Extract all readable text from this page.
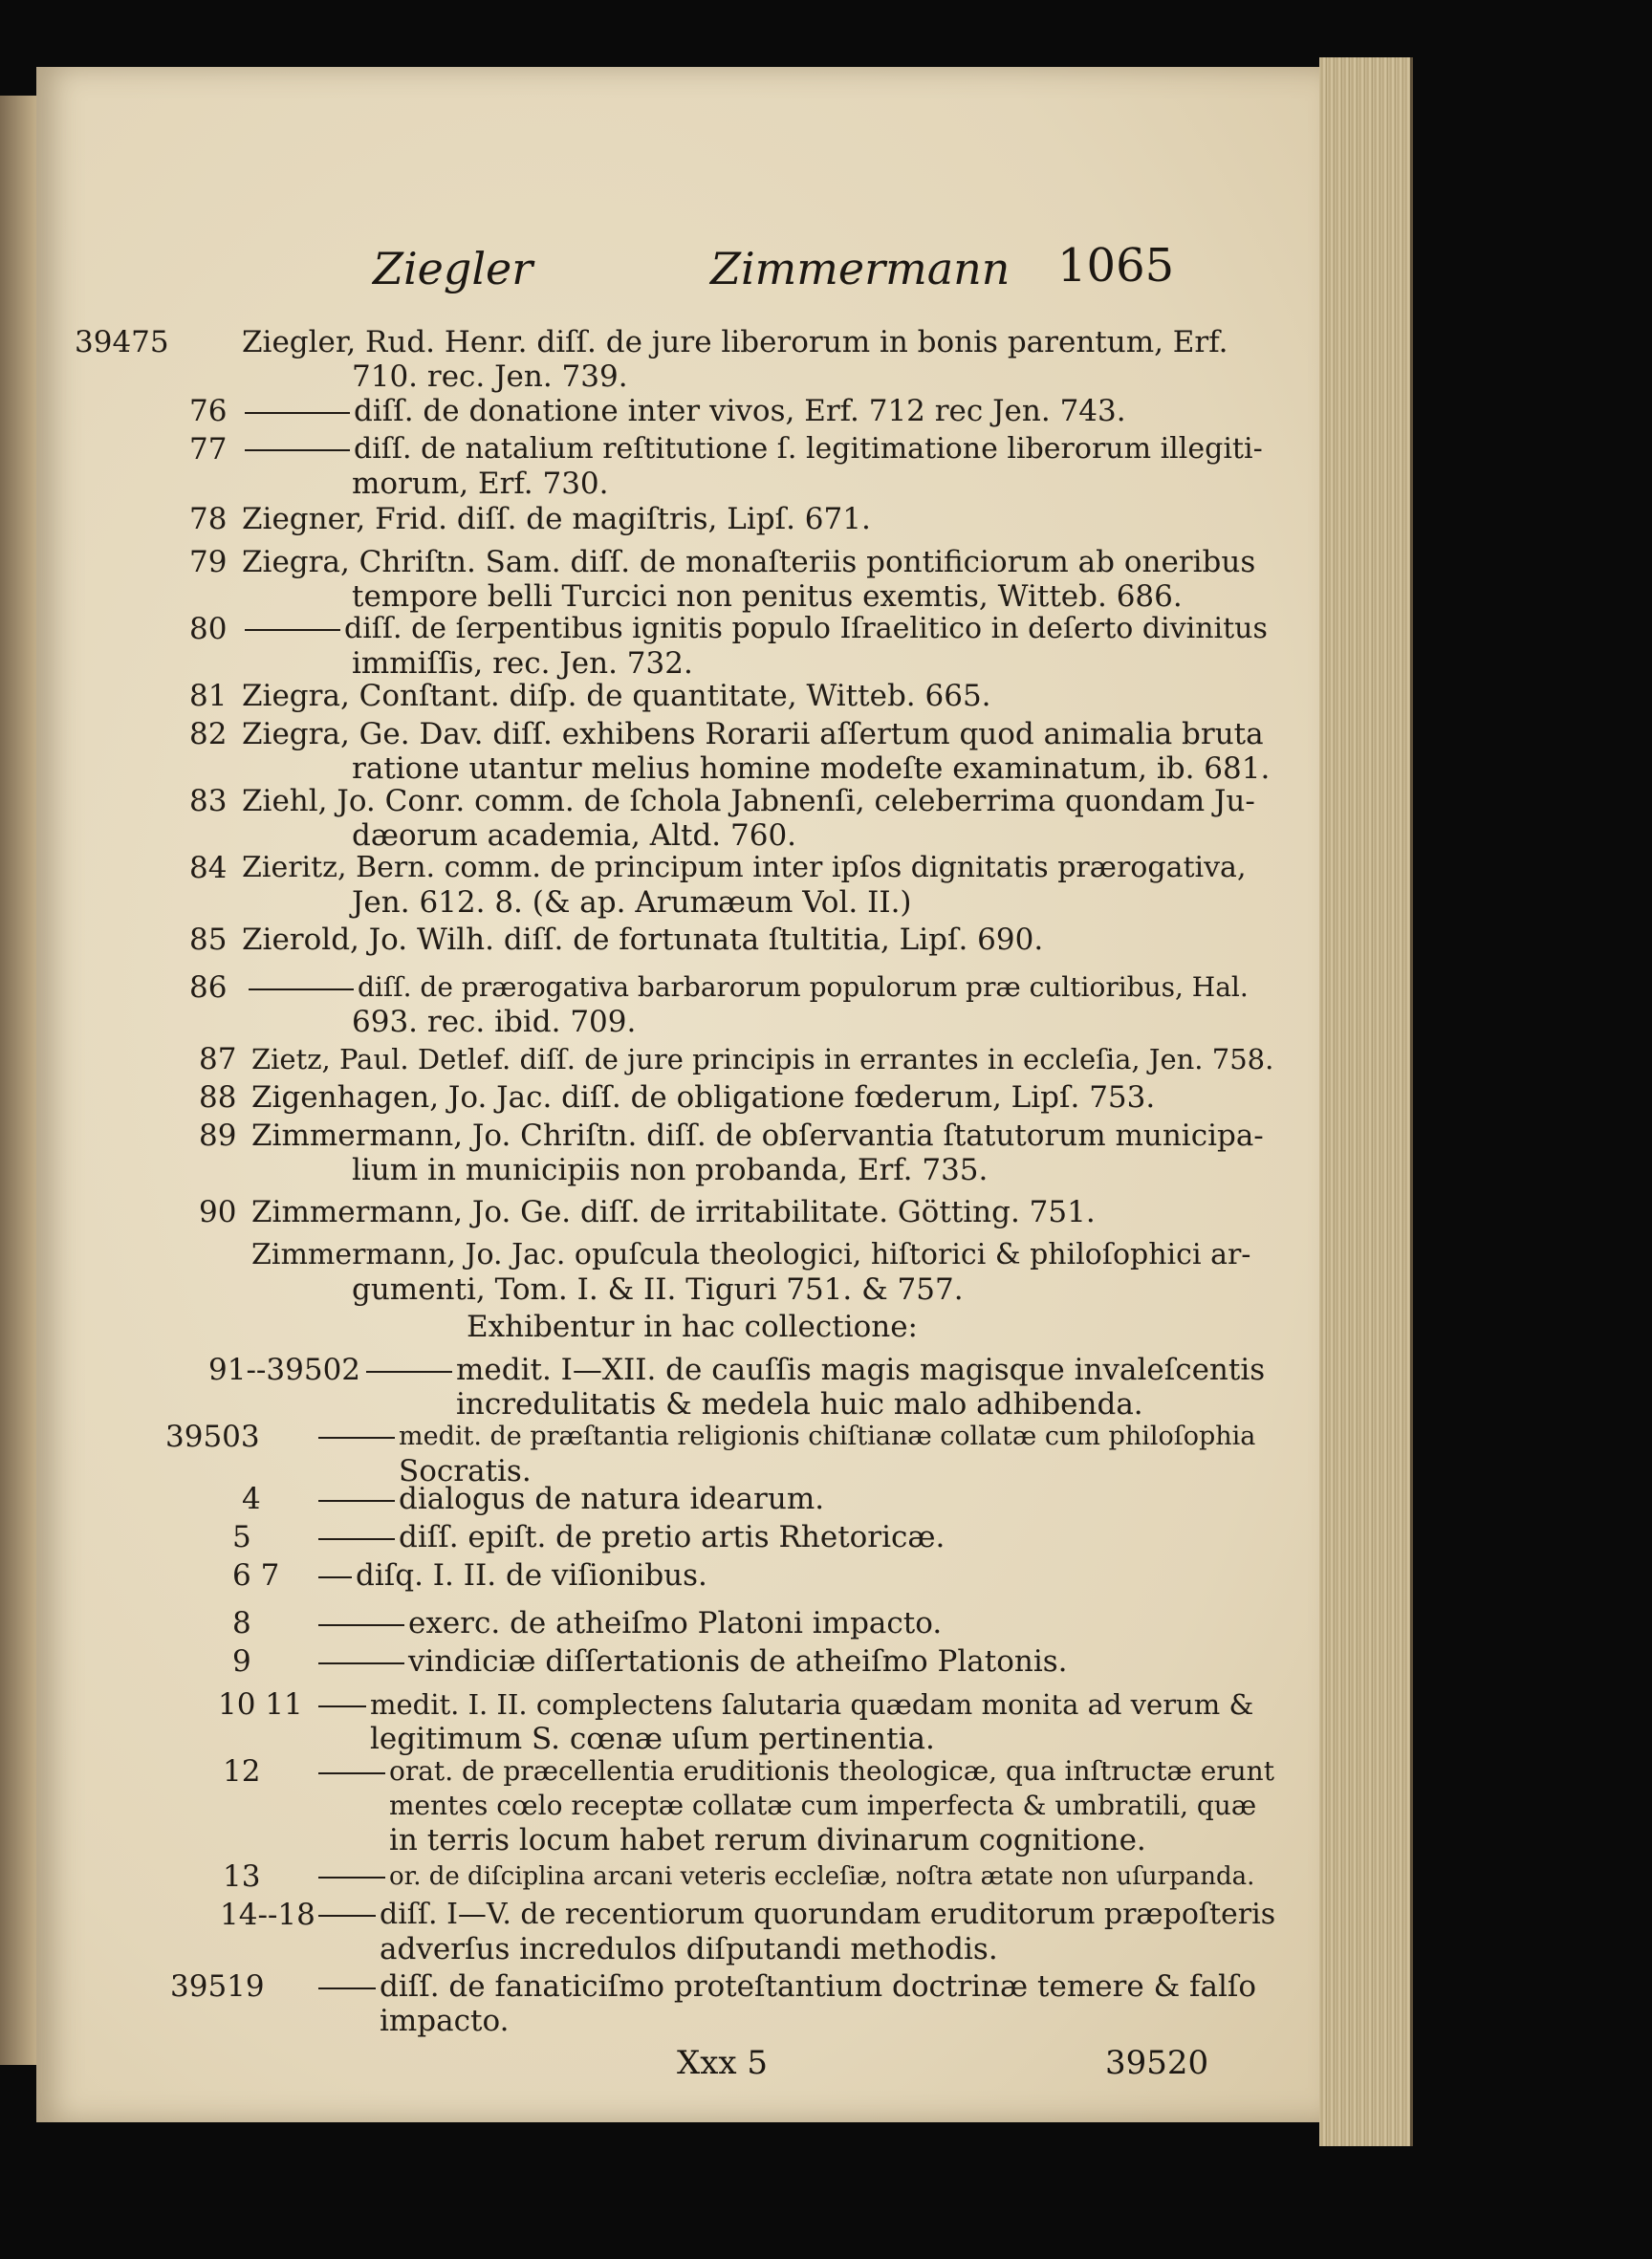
Ziegler	Zimmermann 1065
39475 Ziegler, Rud. Henr. diſſ. de jure liberorum in bonis parentum, Erf.
710. rec. Jen. 739.
76	diſſ. de donatione inter vivos, Erf. 712 rec Jen. 743.
77	diſſ. de natalium reſtitutione ſ. legitimatione liberorum illegiti-
morum, Erf. 730.
78 Ziegner, Frid. diſſ. de magiſtris, Lipſ. 671.
79 Ziegra, Chriſtn. Sam. diſſ. de monaſteriis pontificiorum ab oneribus
tempore belli Turcici non penitus exemtis, Witteb. 686.
80	diſſ. de ſerpentibus ignitis populo Iſraelitico in deſerto divinitus
immiſſis, rec. Jen. 732.
81 Ziegra, Conſtant. diſp. de quantitate, Witteb. 665.
82 Ziegra, Ge. Dav. diſſ. exhibens Rorarii aſſertum quod animalia bruta
ratione utantur melius homine modeſte examinatum, ib. 681.
83 Ziehl, Jo. Conr. comm. de ſchola Jabnenſi, celeberrima quondam Ju-
dæorum academia, Altd. 760.
84 Zieritz, Bern. comm. de principum inter ipſos dignitatis prærogativa,
Jen. 612. 8. (& ap. Arumæum Vol. II.)
85 Zierold, Jo. Wilh. diſſ. de fortunata ſtultitia, Lipſ. 690.
86	diſſ. de prærogativa barbarorum populorum præ cultioribus, Hal.
693. rec. ibid. 709.
87 Zietz, Paul. Detlef. diſſ. de jure principis in errantes in eccleſia, Jen. 758.
88 Zigenhagen, Jo. Jac. diſſ. de obligatione fœderum, Lipſ. 753.
89 Zimmermann, Jo. Chriſtn. diſſ. de obſervantia ſtatutorum municipa-
lium in municipiis non probanda, Erf. 735.
90 Zimmermann, Jo. Ge. diſſ. de irritabilitate. Götting. 751.
Zimmermann, Jo. Jac. opuſcula theologici, hiſtorici & philoſophici ar-
gumenti, Tom. I. & II. Tiguri 751. & 757.
Exhibentur in hac collectione:
91--39502	medit. I—XII. de cauſſis magis magisque invaleſcentis
incredulitatis & medela huic malo adhibenda.
39503	medit. de præſtantia religionis chiſtianæ collatæ cum philoſophia
Socratis.
4	dialogus de natura idearum.
5	diſſ. epiſt. de pretio artis Rhetoricæ.
6 7	diſq. I. II. de viſionibus.
8	exerc. de atheiſmo Platoni impacto.
9	vindiciæ diſſertationis de atheiſmo Platonis.
10 11	medit. I. II. complectens ſalutaria quædam monita ad verum &
legitimum S. cœnæ uſum pertinentia.
12	orat. de præcellentia eruditionis theologicæ, qua inſtructæ erunt
mentes cœlo receptæ collatæ cum imperfecta & umbratili, quæ
in terris locum habet rerum divinarum cognitione.
13	or. de diſciplina arcani veteris eccleſiæ, noſtra ætate non uſurpanda.
14--18	diſſ. I—V. de recentiorum quorundam eruditorum præpoſteris
adverſus incredulos diſputandi methodis.
39519	diſſ. de fanaticiſmo proteſtantium doctrinæ temere & falſo
impacto.
Xxx 5	39520
